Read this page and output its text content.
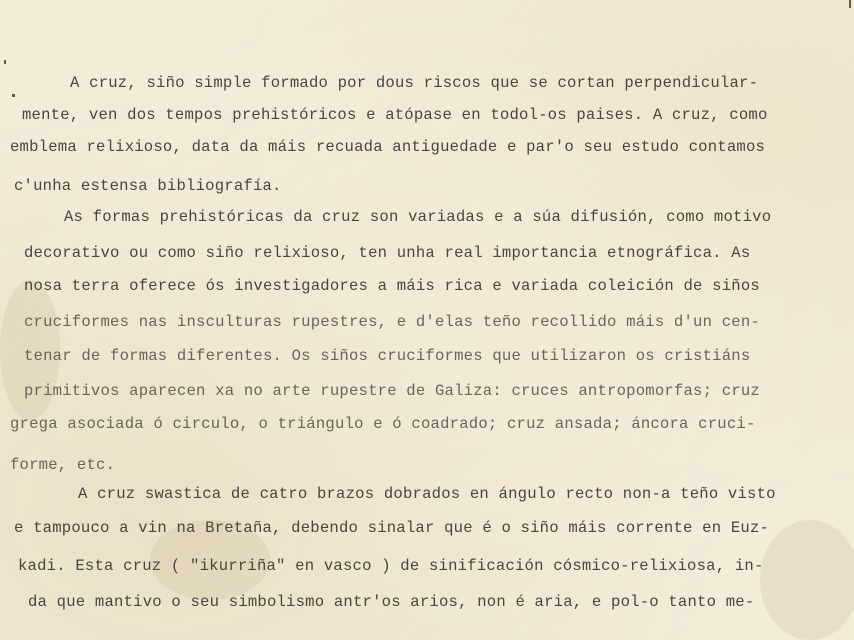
A cruz, siño simple formado por dous riscos que se cortan perpendicular-
mente, ven dos tempos prehistóricos e atópase en todol-os paises. A cruz, como
emblema relixioso, data da máis recuada antiguedade e par'o seu estudo contamos
c'unha estensa bibliografía.
As formas prehistóricas da cruz son variadas e a súa difusión, como motivo
decorativo ou como siño relixioso, ten unha real importancia etnográfica. As
nosa terra oferece ós investigadores a máis rica e variada coleición de siños
cruciformes nas insculturas rupestres, e d'elas teño recollido máis d'un cen-
tenar de formas diferentes. Os siños cruciformes que utilizaron os cristiáns
primitivos aparecen xa no arte rupestre de Galiza: cruces antropomorfas; cruz
grega asociada ó circulo, o triángulo e ó coadrado; cruz ansada; áncora cruci-
forme, etc.
A cruz swastica de catro brazos dobrados en ángulo recto non-a teño visto
e tampouco a vin na Bretaña, debendo sinalar que é o siño máis corrente en Euz-
kadi. Esta cruz ( "ikurriña" en vasco ) de sinificación cósmico-relixiosa, in-
da que mantivo o seu simbolismo antr'os arios, non é aria, e pol-o tanto me-
